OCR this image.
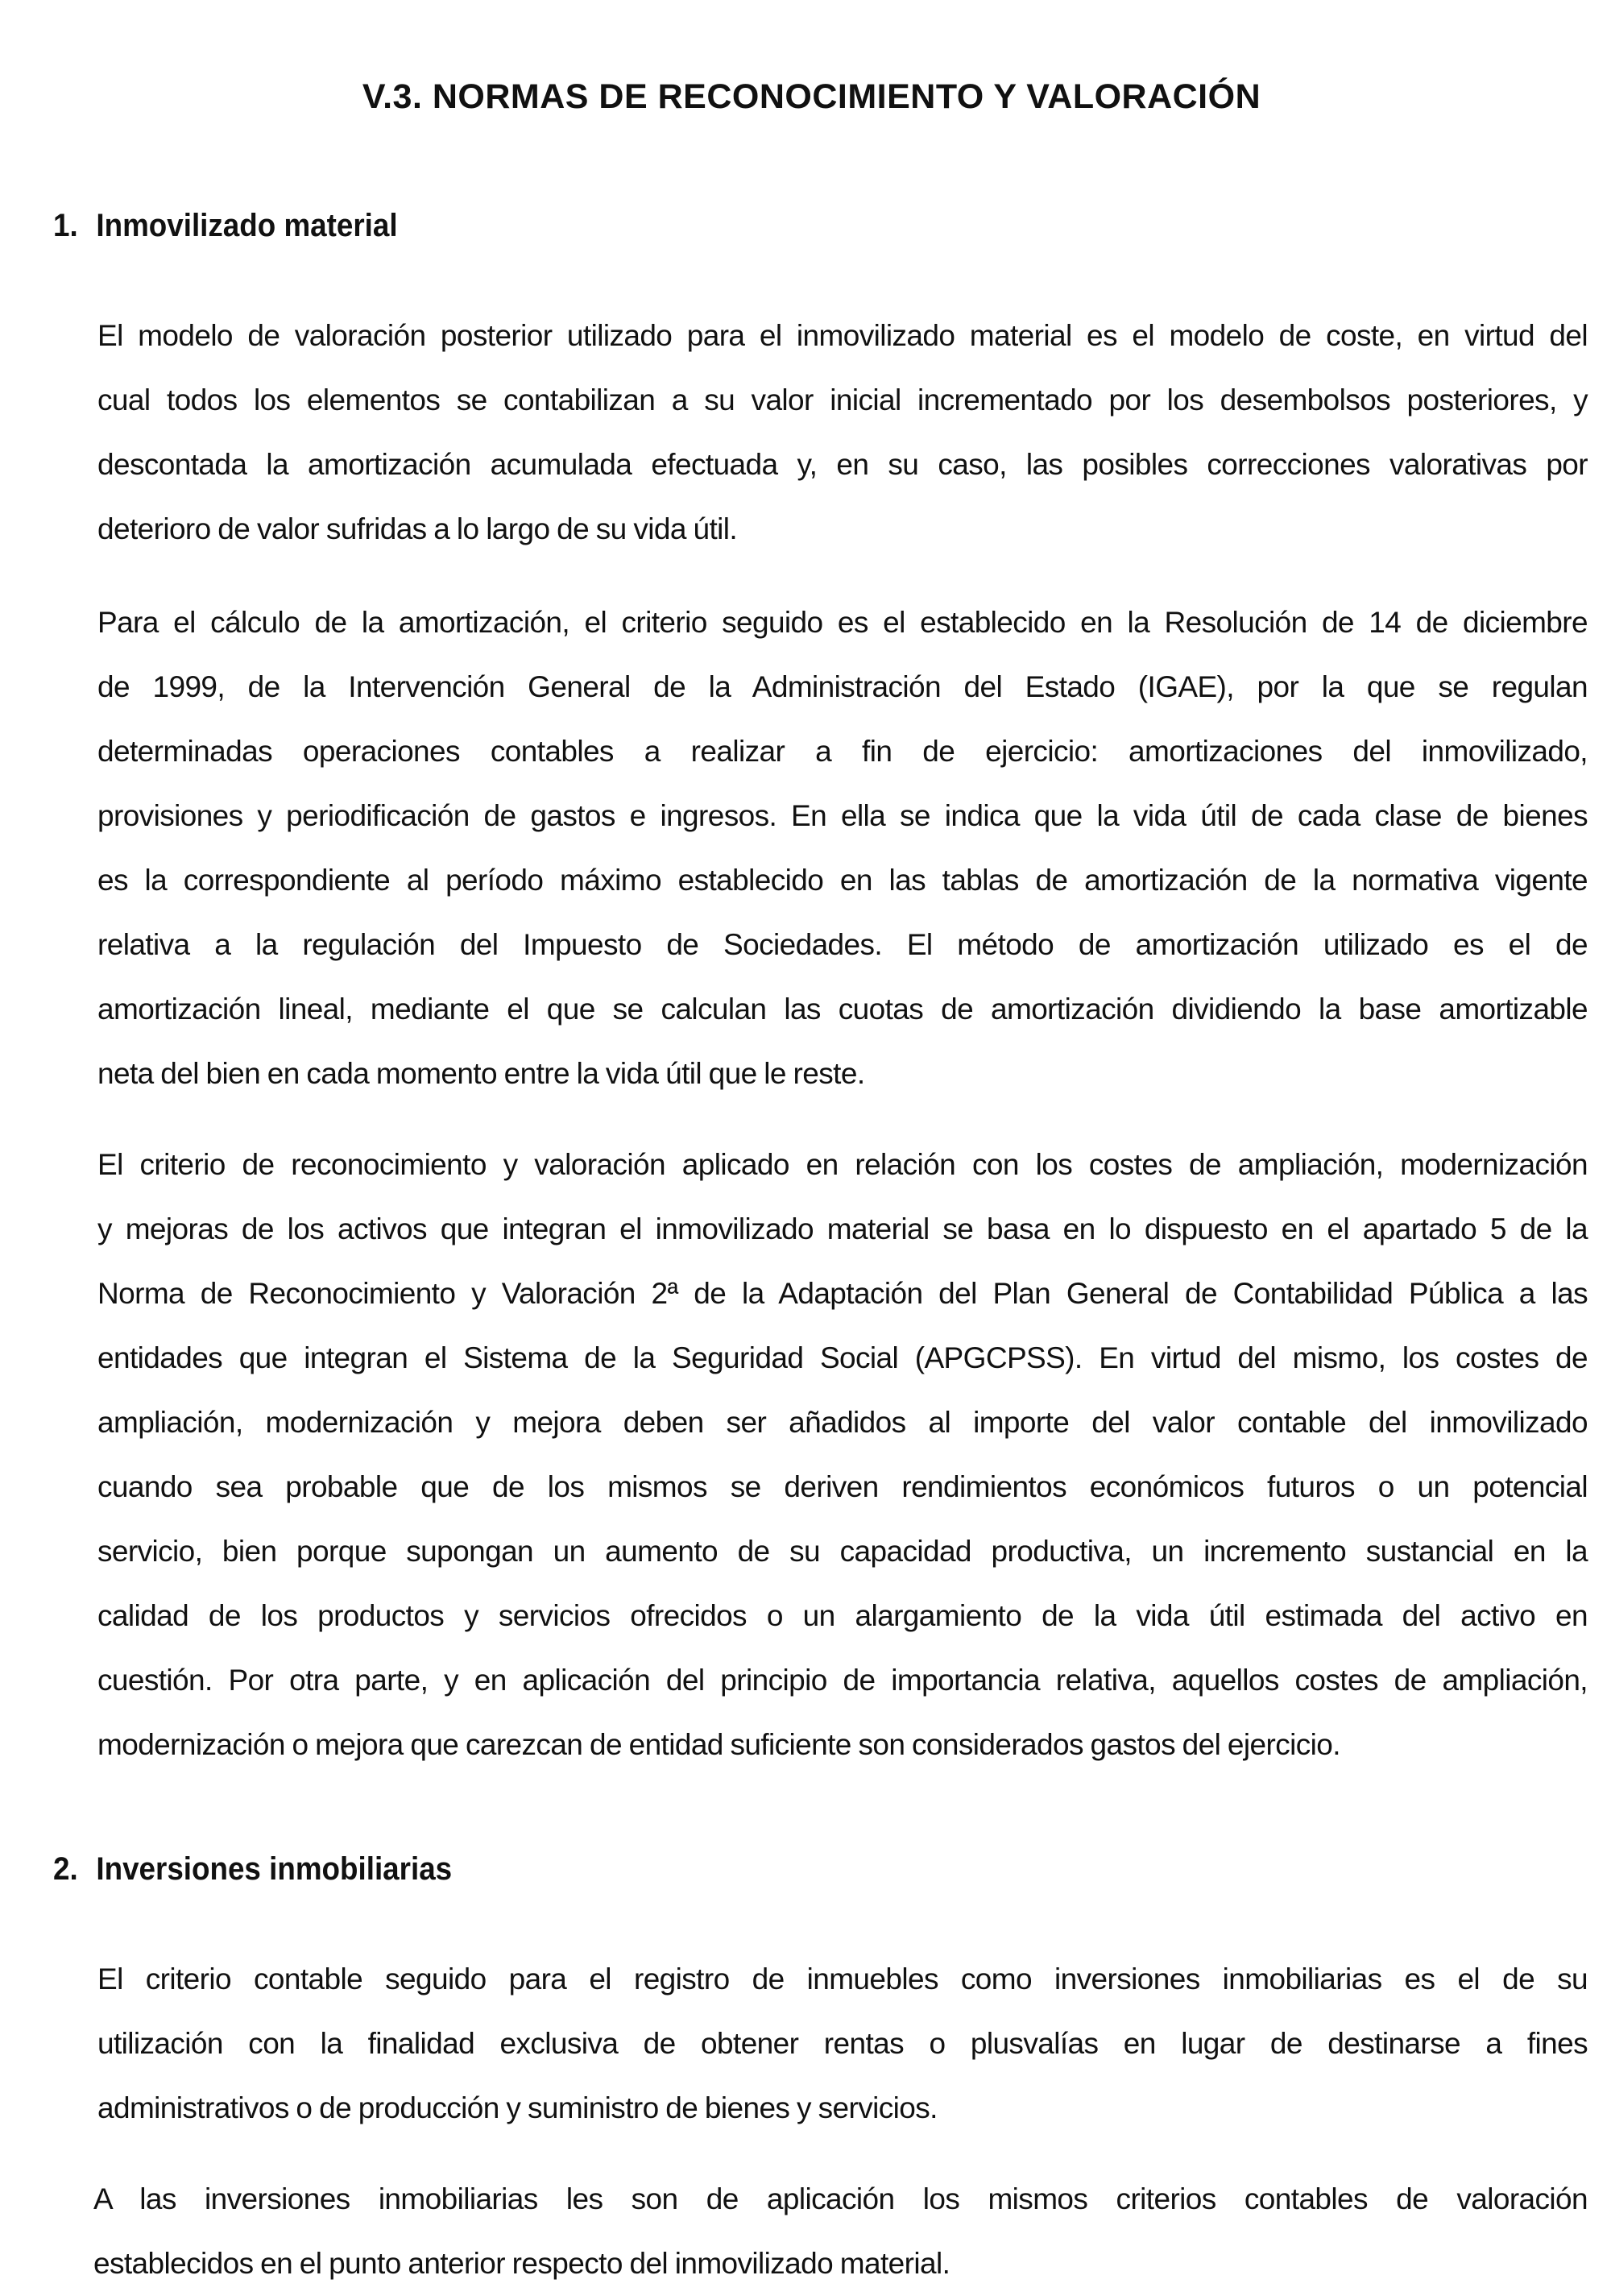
V.3. NORMAS DE RECONOCIMIENTO Y VALORACIÓN
1. Inmovilizado material
El modelo de valoración posterior utilizado para el inmovilizado material es el modelo de coste, en virtud del
cual todos los elementos se contabilizan a su valor inicial incrementado por los desembolsos posteriores, y
descontada la amortización acumulada efectuada y, en su caso, las posibles correcciones valorativas por
deterioro de valor sufridas a lo largo de su vida útil.
Para el cálculo de la amortización, el criterio seguido es el establecido en la Resolución de 14 de diciembre
de 1999, de la Intervención General de la Administración del Estado (IGAE), por la que se regulan
determinadas operaciones contables a realizar a fin de ejercicio: amortizaciones del inmovilizado,
provisiones y periodificación de gastos e ingresos. En ella se indica que la vida útil de cada clase de bienes
es la correspondiente al período máximo establecido en las tablas de amortización de la normativa vigente
relativa a la regulación del Impuesto de Sociedades. El método de amortización utilizado es el de
amortización lineal, mediante el que se calculan las cuotas de amortización dividiendo la base amortizable
neta del bien en cada momento entre la vida útil que le reste.
El criterio de reconocimiento y valoración aplicado en relación con los costes de ampliación, modernización
y mejoras de los activos que integran el inmovilizado material se basa en lo dispuesto en el apartado 5 de la
Norma de Reconocimiento y Valoración 2ª de la Adaptación del Plan General de Contabilidad Pública a las
entidades que integran el Sistema de la Seguridad Social (APGCPSS). En virtud del mismo, los costes de
ampliación, modernización y mejora deben ser añadidos al importe del valor contable del inmovilizado
cuando sea probable que de los mismos se deriven rendimientos económicos futuros o un potencial
servicio, bien porque supongan un aumento de su capacidad productiva, un incremento sustancial en la
calidad de los productos y servicios ofrecidos o un alargamiento de la vida útil estimada del activo en
cuestión. Por otra parte, y en aplicación del principio de importancia relativa, aquellos costes de ampliación,
modernización o mejora que carezcan de entidad suficiente son considerados gastos del ejercicio.
2. Inversiones inmobiliarias
El criterio contable seguido para el registro de inmuebles como inversiones inmobiliarias es el de su
utilización con la finalidad exclusiva de obtener rentas o plusvalías en lugar de destinarse a fines
administrativos o de producción y suministro de bienes y servicios.
A las inversiones inmobiliarias les son de aplicación los mismos criterios contables de valoración
establecidos en el punto anterior respecto del inmovilizado material.
